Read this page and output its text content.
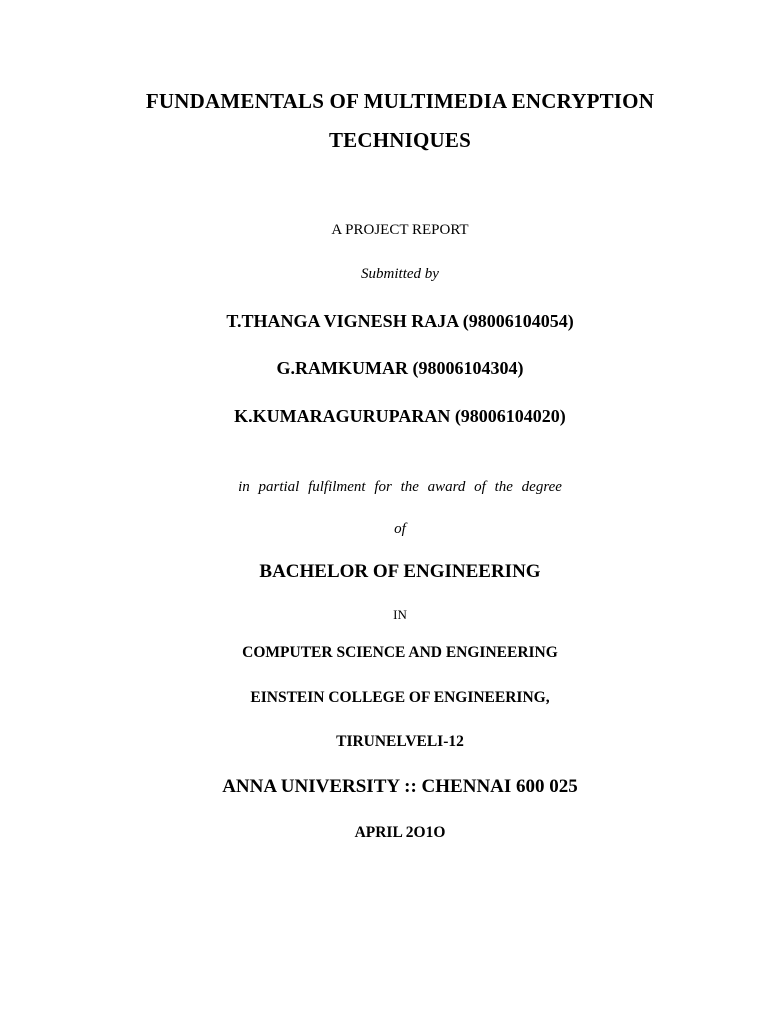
FUNDAMENTALS OF MULTIMEDIA ENCRYPTION

TECHNIQUES

A PROJECT REPORT

Submitted by

T.THANGA VIGNESH RAJA (98006104054)

G.RAMKUMAR (98006104304)

K.KUMARAGURUPARAN (98006104020)

in partial fulfilment for the award of the degree

of

BACHELOR OF ENGINEERING

IN

COMPUTER SCIENCE AND ENGINEERING

EINSTEIN COLLEGE OF ENGINEERING,

TIRUNELVELI-12

ANNA UNIVERSITY :: CHENNAI 600 025

APRIL 2O1O
